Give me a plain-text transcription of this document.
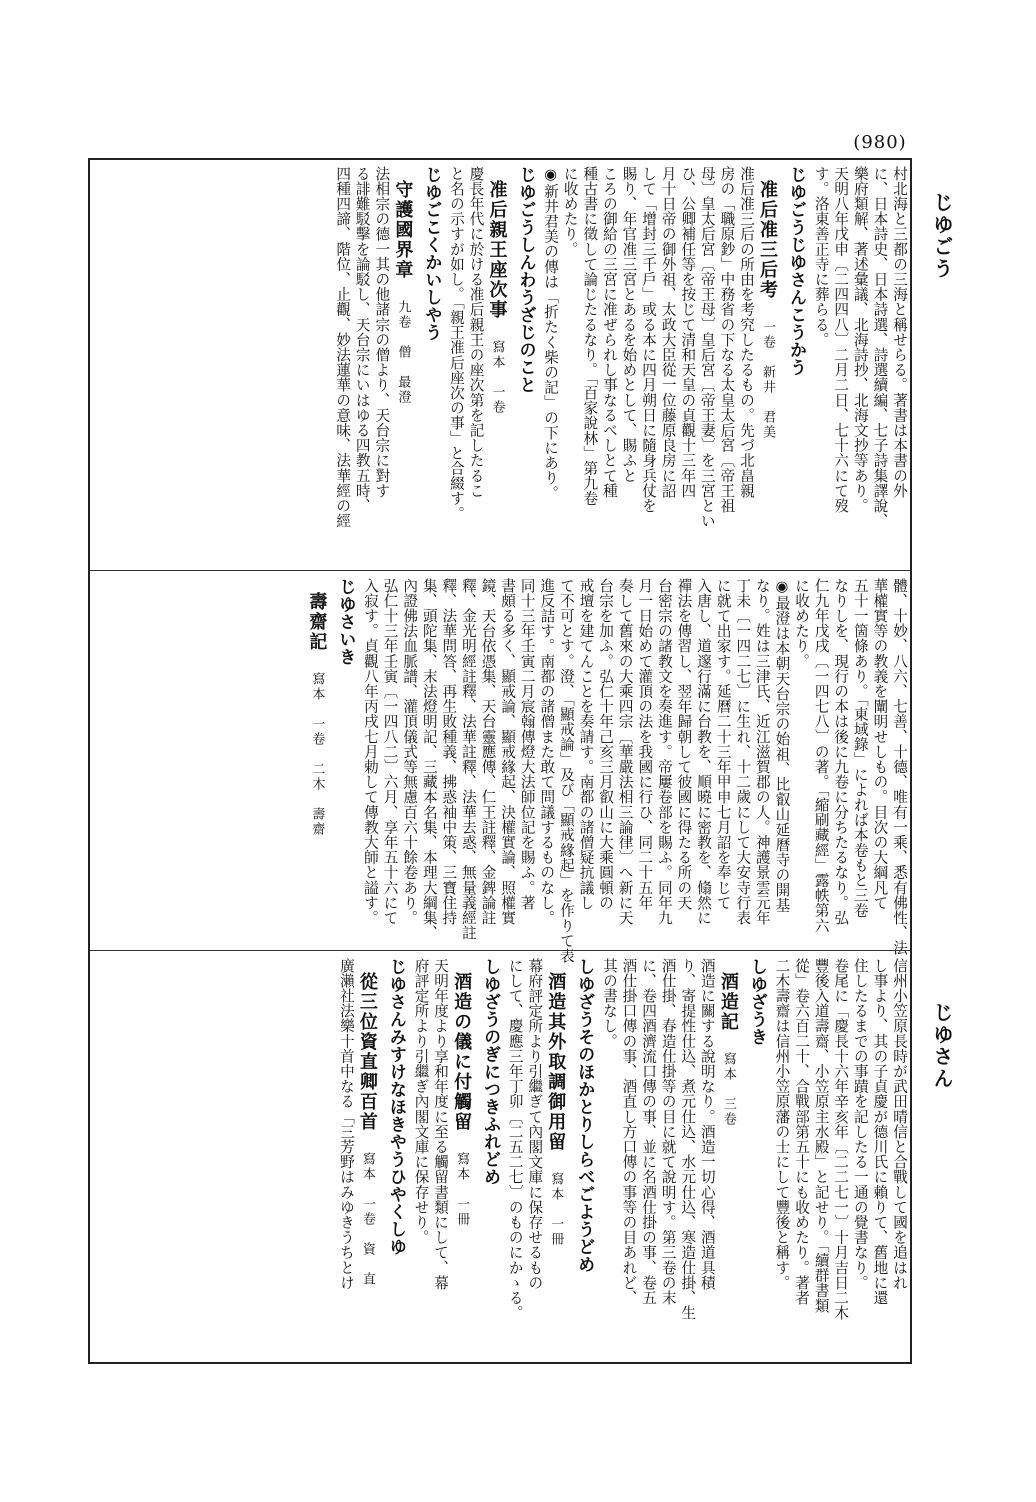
(980)
じゆごう
じゆさん
村北海と三都の三海と稱せらる。著書は本書の外
に、日本詩史、日本詩選、詩選續編、七子詩集譯說、
樂府類解、著述彙議、北海詩抄、北海文抄等あり。
天明八年戊申〔二四四八〕二月二日、七十六にて歿
す。洛東善正寺に葬らる。
じゆごうじゆさんこうかう
准后准三后考　一卷　新井　君美
准后准三后の所由を考究したるもの。先づ北畠親
房の「職原鈔」中務省の下なる太皇太后宮〔帝王祖
母〕皇太后宮〔帝王母〕皇后宮〔帝王妻〕を三宮とい
ひ、公卿補任等を按じて清和天皇の貞觀十三年四
月十日帝の御外祖、太政大臣從一位藤原良房に詔
して「增封三千戶」或る本に四月朔日に隨身兵仗を
賜り、年官准三宮とあるを始めとして、賜ふと
ころの御給の三宮に准ぜられし事なるべしとて種
種古書に徵して論じたるなり。「百家說林」第九卷
に收めたり。
◉新井君美の傳は「折たく柴の記」の下にあり。
じゆごうしんわうざじのこと
准后親王座次事　寫本　一卷
慶長年代に於ける准后親王の座次第を記したるこ
と名の示すが如し。「親王准后座次の事」と合綴す。
じゆごこくかいしやう
守護國界章　九卷　僧　最澄
法相宗の德一其の他諸宗の僧より、天台宗に對す
る誹難駁擊を論駁し、天台宗にいはゆる四教五時、
四種四諦、階位、止觀、妙法蓮華の意味、法華經の經
體、十妙、八六、七善、十德、唯有一乘、悉有佛性、法
華權實等の教義を闡明せしもの。目次の大綱凡て
五十一箇條あり。「東域錄」によれば本卷もと三卷
なりしを、現行の本は後に九卷に分ちたるなり。弘
仁九年戊戌〔一四七八〕の著。「縮刷藏經」露帙第六
に收めたり。
◉最澄は本朝天台宗の始祖、比叡山延曆寺の開基
なり。姓は三津氏、近江滋賀郡の人。神護景雲元年
丁未〔一四二七〕に生れ、十二歲にして大安寺行表
に就て出家す。延曆二十三年甲申七月詔を奉じて
入唐し、道邃行滿に台教を、順曉に密教を、翛然に
禪法を傳習し、翌年歸朝して彼國に得たる所の天
台密宗の諸教文を奏進す。帝屢卷部を賜ふ。同年九
月一日始めて灌頂の法を我國に行ひ、同二十五年
奏して舊來の大乘四宗〔華嚴法相三論律〕へ新に天
台宗を加ふ。弘仁十年己亥三月叡山に大乘圓頓の
戒壇を建てんことを奏請す。南都の諸僧疑抗議し
て不可とす。澄、「顯戒論」及び「顯戒緣起」を作りて表
進反詰す。南都の諸僧また敢て問議するものなし。
同十三年壬寅二月宸翰傳燈大法師位記を賜ふ。著
書頗る多く、顯戒論、顯戒緣起、決權實論、照權實
鏡、天台依憑集、天台靈應傳、仁王註釋、金錍論註
釋、金光明經註釋、法華註釋、法華去惑、無量義經註
釋、法華問答、再生敗種義、拂惑袖中策、三寶住持
集、頭陀集、末法燈明記、三藏本名集、本理大綱集、
內證佛法血脈譜、灌頂儀式等無慮百六十餘卷あり。
弘仁十三年壬寅〔一四八二〕六月、享年五十六にて
入寂す。貞觀八年丙戌七月勅して傳教大師と謚す。
じゆさいき
壽齋記　寫本　一卷　二木　壽齋
信州小笠原長時が武田晴信と合戰して國を追はれ
し事より、其の子貞慶が德川氏に賴りて、舊地に還
住したるまでの事蹟を記したる一通の覺書なり。
卷尾に「慶長十六年辛亥年〔二二七一〕十月吉日二木
豐後入道壽齋、小笠原主水殿」と記せり。「續群書類
從」卷六百二十、合戰部第五十にも收めたり。著者
二木壽齋は信州小笠原藩の士にして豐後と稱す。
しゆざうき
酒造記　寫本　三卷
酒造に關する說明なり。酒造一切心得、酒道具積
り、寄提性仕込、煮元仕込、水元仕込、寒造仕掛、生
酒仕掛、春造仕掛等の目に就て說明す。第三卷の末
に、卷四酒濟流口傳の事、並に名酒仕掛の事、卷五
酒仕掛口傳の事、酒直し方口傳の事等の目あれど、
其の書なし。
しゆざうそのほかとりしらべごようどめ
酒造其外取調御用留　寫本　一冊
幕府評定所より引繼ぎて內閣文庫に保存せるもの
にして、慶應三年丁卯〔二五二七〕のものにかゝる。
しゆざうのぎにつきふれどめ
酒造の儀に付觸留　寫本　一冊
天明年度より享和年度に至る觸留書類にして、幕
府評定所より引繼ぎ內閣文庫に保存せり。
じゆさんみすけなほきやうひやくしゆ
從三位資直卿百首　寫本　一卷　資　直
廣瀨社法樂十首中なる「三芳野はみゆきうちとけ
